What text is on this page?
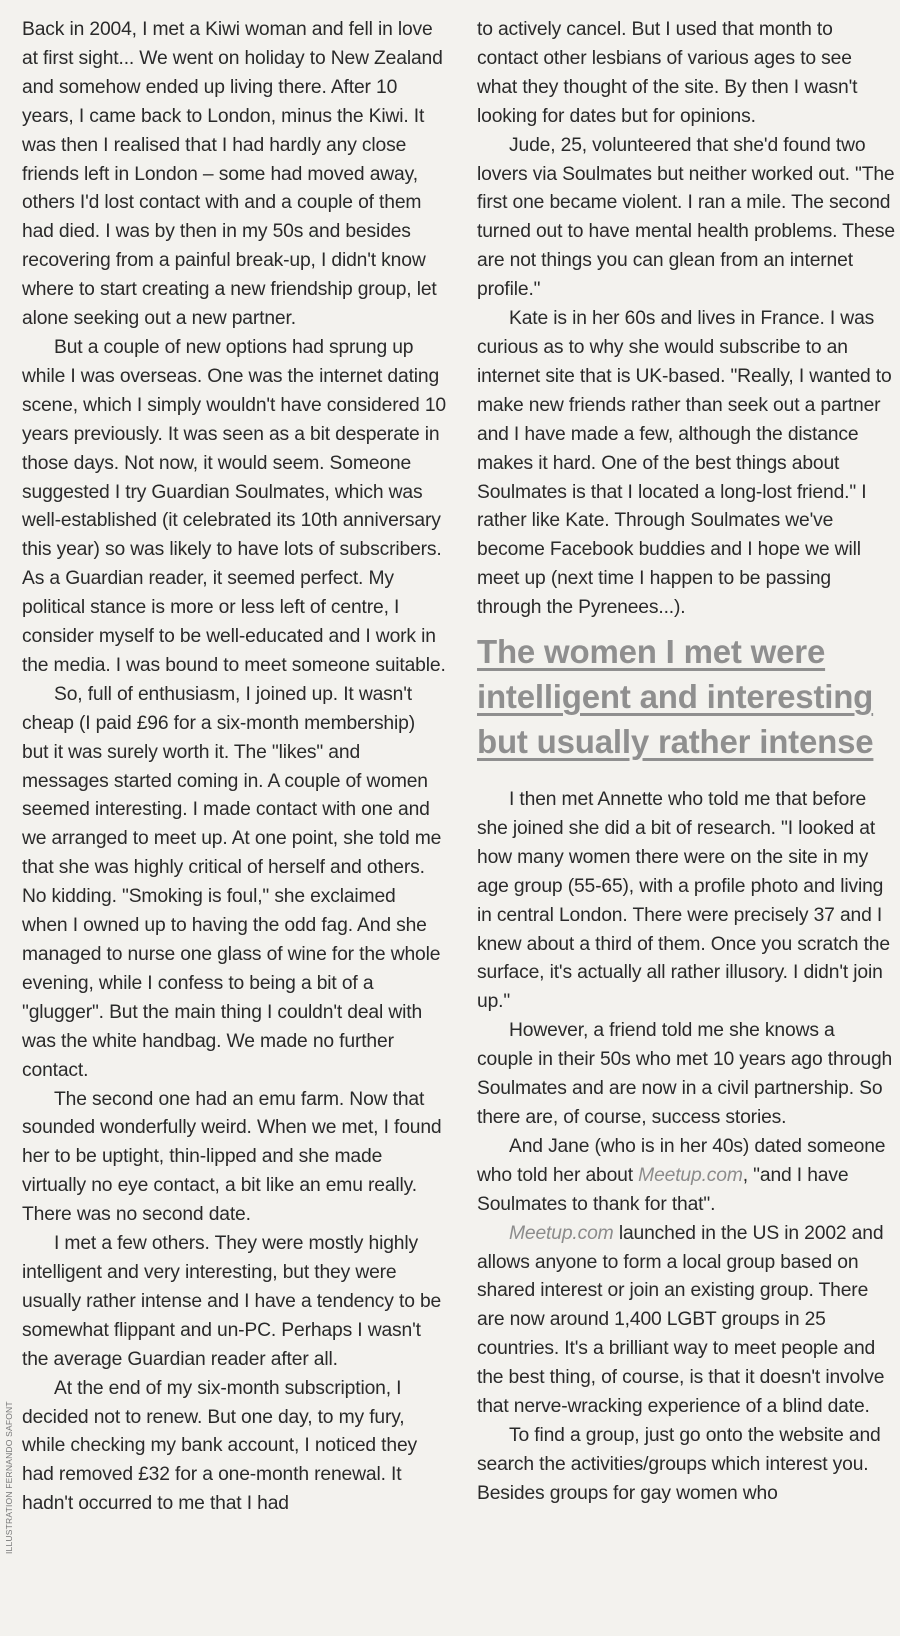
Back in 2004, I met a Kiwi woman and fell in love at first sight... We went on holiday to New Zealand and somehow ended up living there. After 10 years, I came back to London, minus the Kiwi. It was then I realised that I had hardly any close friends left in London – some had moved away, others I'd lost contact with and a couple of them had died. I was by then in my 50s and besides recovering from a painful break-up, I didn't know where to start creating a new friendship group, let alone seeking out a new partner.

But a couple of new options had sprung up while I was overseas. One was the internet dating scene, which I simply wouldn't have considered 10 years previously. It was seen as a bit desperate in those days. Not now, it would seem. Someone suggested I try Guardian Soulmates, which was well-established (it celebrated its 10th anniversary this year) so was likely to have lots of subscribers. As a Guardian reader, it seemed perfect. My political stance is more or less left of centre, I consider myself to be well-educated and I work in the media. I was bound to meet someone suitable.

So, full of enthusiasm, I joined up. It wasn't cheap (I paid £96 for a six-month membership) but it was surely worth it. The "likes" and messages started coming in. A couple of women seemed interesting. I made contact with one and we arranged to meet up. At one point, she told me that she was highly critical of herself and others. No kidding. "Smoking is foul," she exclaimed when I owned up to having the odd fag. And she managed to nurse one glass of wine for the whole evening, while I confess to being a bit of a "glugger". But the main thing I couldn't deal with was the white handbag. We made no further contact.

The second one had an emu farm. Now that sounded wonderfully weird. When we met, I found her to be uptight, thin-lipped and she made virtually no eye contact, a bit like an emu really. There was no second date.

I met a few others. They were mostly highly intelligent and very interesting, but they were usually rather intense and I have a tendency to be somewhat flippant and un-PC. Perhaps I wasn't the average Guardian reader after all.

At the end of my six-month subscription, I decided not to renew. But one day, to my fury, while checking my bank account, I noticed they had removed £32 for a one-month renewal. It hadn't occurred to me that I had

ILLUSTRATION FERNANDO SAFONT

to actively cancel. But I used that month to contact other lesbians of various ages to see what they thought of the site. By then I wasn't looking for dates but for opinions.

Jude, 25, volunteered that she'd found two lovers via Soulmates but neither worked out. "The first one became violent. I ran a mile. The second turned out to have mental health problems. These are not things you can glean from an internet profile."

Kate is in her 60s and lives in France. I was curious as to why she would subscribe to an internet site that is UK-based. "Really, I wanted to make new friends rather than seek out a partner and I have made a few, although the distance makes it hard. One of the best things about Soulmates is that I located a long-lost friend." I rather like Kate. Through Soulmates we've become Facebook buddies and I hope we will meet up (next time I happen to be passing through the Pyrenees...).

The women I met were intelligent and interesting but usually rather intense

I then met Annette who told me that before she joined she did a bit of research. "I looked at how many women there were on the site in my age group (55-65), with a profile photo and living in central London. There were precisely 37 and I knew about a third of them. Once you scratch the surface, it's actually all rather illusory. I didn't join up."

However, a friend told me she knows a couple in their 50s who met 10 years ago through Soulmates and are now in a civil partnership. So there are, of course, success stories.

And Jane (who is in her 40s) dated someone who told her about Meetup.com, "and I have Soulmates to thank for that".

Meetup.com launched in the US in 2002 and allows anyone to form a local group based on shared interest or join an existing group. There are now around 1,400 LGBT groups in 25 countries. It's a brilliant way to meet people and the best thing, of course, is that it doesn't involve that nerve-wracking experience of a blind date.

To find a group, just go onto the website and search the activities/groups which interest you. Besides groups for gay women who
